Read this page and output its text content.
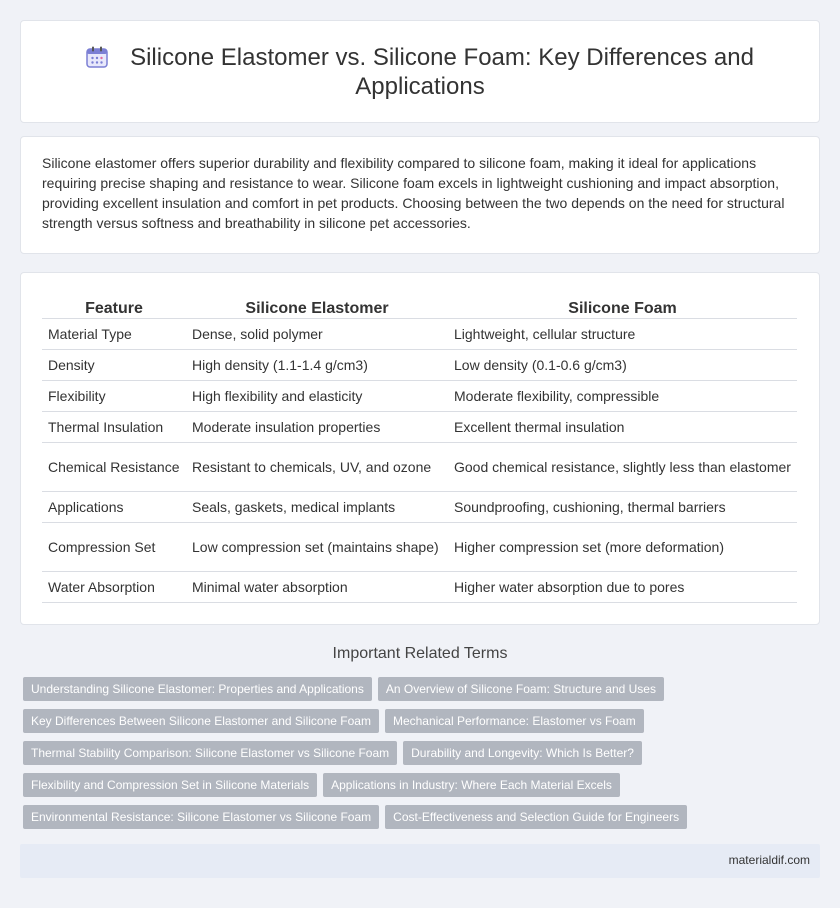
Silicone Elastomer vs. Silicone Foam: Key Differences and Applications
Silicone elastomer offers superior durability and flexibility compared to silicone foam, making it ideal for applications requiring precise shaping and resistance to wear. Silicone foam excels in lightweight cushioning and impact absorption, providing excellent insulation and comfort in pet products. Choosing between the two depends on the need for structural strength versus softness and breathability in silicone pet accessories.
Feature	Silicone Elastomer	Silicone Foam
Material Type	Dense, solid polymer	Lightweight, cellular structure
Density	High density (1.1-1.4 g/cm3)	Low density (0.1-0.6 g/cm3)
Flexibility	High flexibility and elasticity	Moderate flexibility, compressible
Thermal Insulation	Moderate insulation properties	Excellent thermal insulation
Chemical Resistance	Resistant to chemicals, UV, and ozone	Good chemical resistance, slightly less than elastomer
Applications	Seals, gaskets, medical implants	Soundproofing, cushioning, thermal barriers
Compression Set	Low compression set (maintains shape)	Higher compression set (more deformation)
Water Absorption	Minimal water absorption	Higher water absorption due to pores
Important Related Terms
Understanding Silicone Elastomer: Properties and Applications An Overview of Silicone Foam: Structure and Uses
Key Differences Between Silicone Elastomer and Silicone Foam Mechanical Performance: Elastomer vs Foam
Thermal Stability Comparison: Silicone Elastomer vs Silicone Foam Durability and Longevity: Which Is Better?
Flexibility and Compression Set in Silicone Materials Applications in Industry: Where Each Material Excels
Environmental Resistance: Silicone Elastomer vs Silicone Foam Cost-Effectiveness and Selection Guide for Engineers
materialdif.com
